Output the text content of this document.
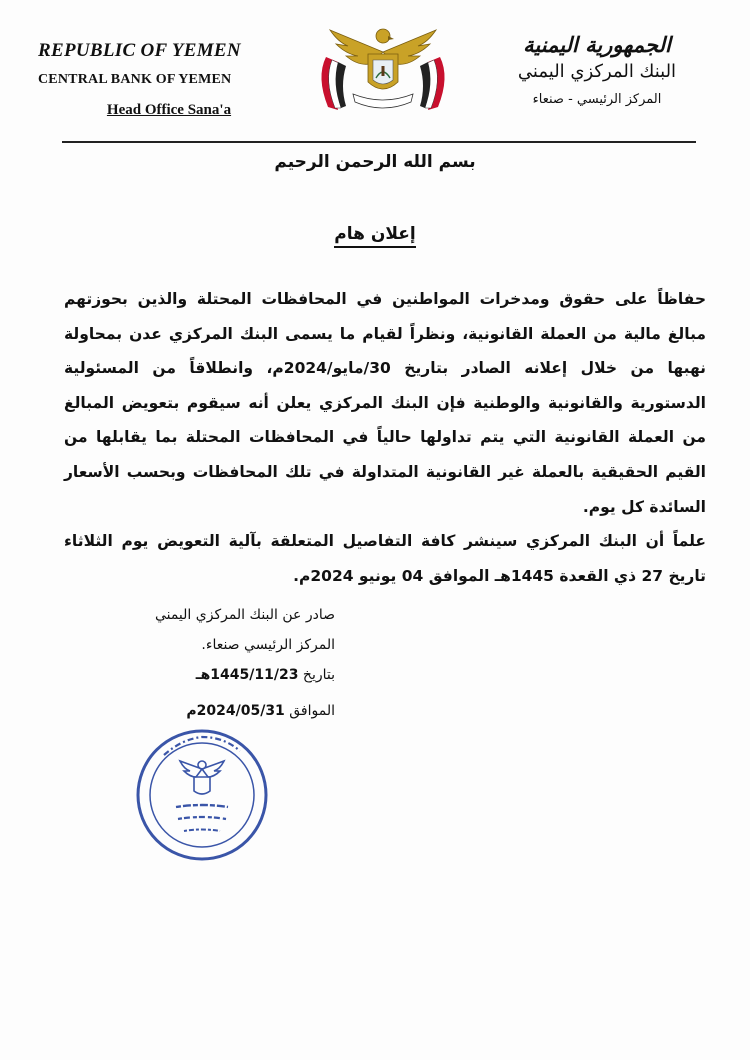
REPUBLIC OF YEMEN
CENTRAL BANK OF YEMEN
Head Office Sana'a
الجمهورية اليمنية
البنك المركزي اليمني
المركز الرئيسي - صنعاء
بسم الله الرحمن الرحيم
إعلان هام

حفاظاً على حقوق ومدخرات المواطنين في المحافظات المحتلة والذين بحوزتهم مبالغ مالية من العملة القانونية، ونظراً لقيام ما يسمى البنك المركزي عدن بمحاولة نهبها من خلال إعلانه الصادر بتاريخ 30/مايو/2024م، وانطلاقاً من المسئولية الدستورية والقانونية والوطنية فإن البنك المركزي يعلن أنه سيقوم بتعويض المبالغ من العملة القانونية التي يتم تداولها حالياً في المحافظات المحتلة بما يقابلها من القيم الحقيقية بالعملة غير القانونية المتداولة في تلك المحافظات وبحسب الأسعار السائدة كل يوم.

علماً أن البنك المركزي سينشر كافة التفاصيل المتعلقة بآلية التعويض يوم الثلاثاء تاريخ 27 ذي القعدة 1445هـ الموافق 04 يونيو 2024م.

صادر عن البنك المركزي اليمني
المركز الرئيسي صنعاء.
بتاريخ 1445/11/23هـ
الموافق 2024/05/31م
